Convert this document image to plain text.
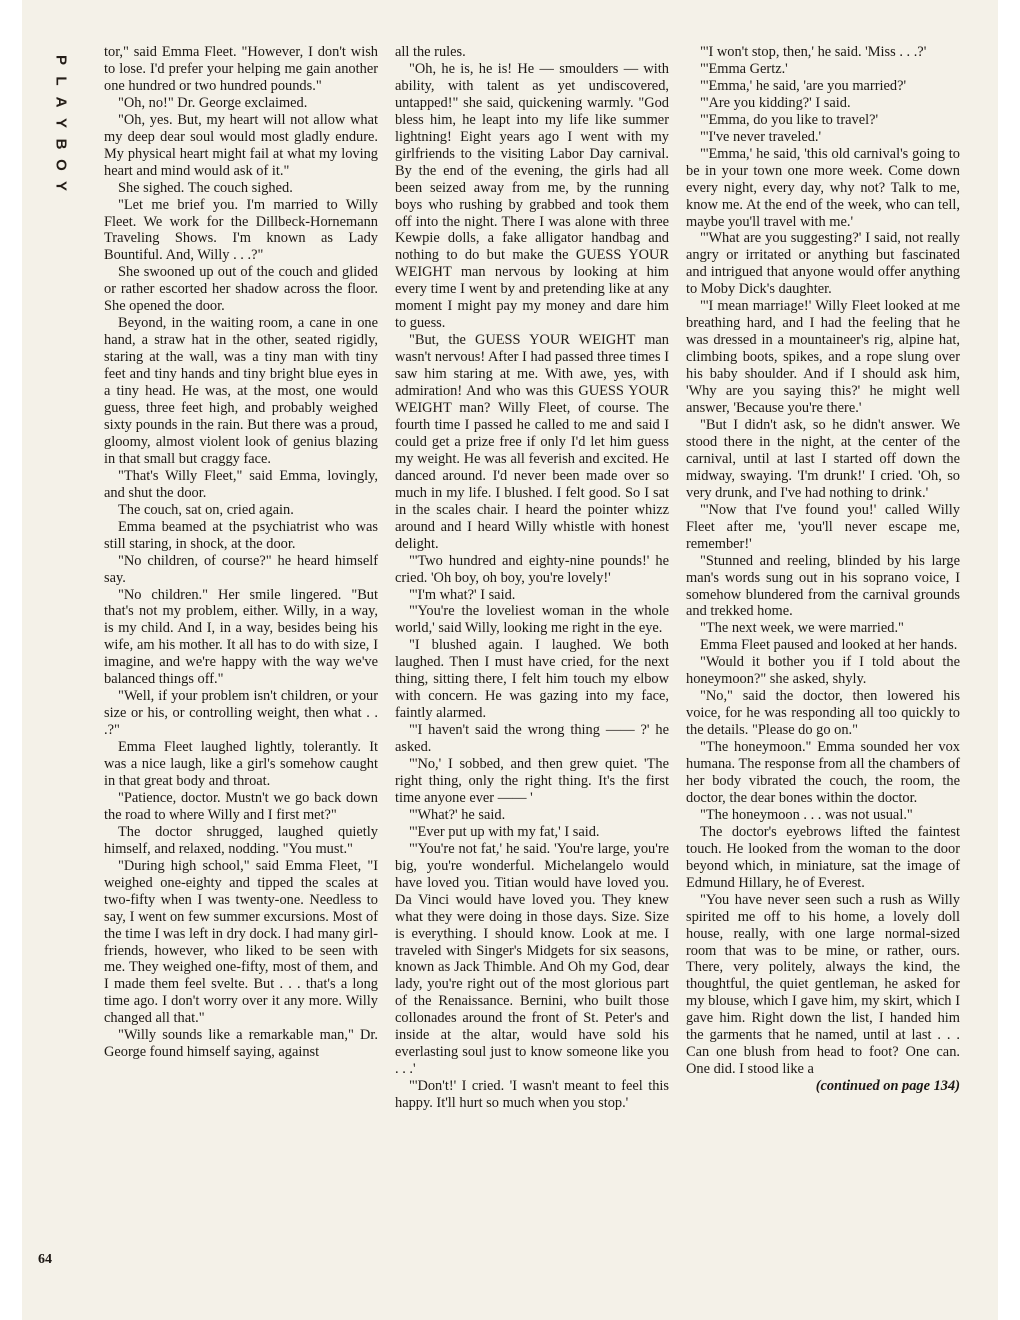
P
L
A
Y
B
O
Y

tor," said Emma Fleet. "However, I don't wish to lose. I'd prefer your helping me gain another one hundred or two hundred pounds."

"Oh, no!" Dr. George exclaimed.

"Oh, yes. But, my heart will not allow what my deep dear soul would most gladly endure. My physical heart might fail at what my loving heart and mind would ask of it."

She sighed. The couch sighed.

"Let me brief you. I'm married to Willy Fleet. We work for the Dillbeck-Hornemann Traveling Shows. I'm known as Lady Bountiful. And, Willy . . .?"

She swooned up out of the couch and glided or rather escorted her shadow across the floor. She opened the door.

Beyond, in the waiting room, a cane in one hand, a straw hat in the other, seated rigidly, staring at the wall, was a tiny man with tiny feet and tiny hands and tiny bright blue eyes in a tiny head. He was, at the most, one would guess, three feet high, and probably weighed sixty pounds in the rain. But there was a proud, gloomy, almost violent look of genius blazing in that small but craggy face.

"That's Willy Fleet," said Emma, lovingly, and shut the door.

The couch, sat on, cried again.

Emma beamed at the psychiatrist who was still staring, in shock, at the door.

"No children, of course?" he heard himself say.

"No children." Her smile lingered. "But that's not my problem, either. Willy, in a way, is my child. And I, in a way, besides being his wife, am his mother. It all has to do with size, I imagine, and we're happy with the way we've balanced things off."

"Well, if your problem isn't children, or your size or his, or controlling weight, then what . . .?"

Emma Fleet laughed lightly, tolerantly. It was a nice laugh, like a girl's somehow caught in that great body and throat.

"Patience, doctor. Mustn't we go back down the road to where Willy and I first met?"

The doctor shrugged, laughed quietly himself, and relaxed, nodding. "You must."

"During high school," said Emma Fleet, "I weighed one-eighty and tipped the scales at two-fifty when I was twenty-one. Needless to say, I went on few summer excursions. Most of the time I was left in dry dock. I had many girlfriends, however, who liked to be seen with me. They weighed one-fifty, most of them, and I made them feel svelte. But . . . that's a long time ago. I don't worry over it any more. Willy changed all that."

"Willy sounds like a remarkable man," Dr. George found himself saying, against

all the rules.

"Oh, he is, he is! He — smoulders — with ability, with talent as yet undiscovered, untapped!" she said, quickening warmly. "God bless him, he leapt into my life like summer lightning! Eight years ago I went with my girlfriends to the visiting Labor Day carnival. By the end of the evening, the girls had all been seized away from me, by the running boys who rushing by grabbed and took them off into the night. There I was alone with three Kewpie dolls, a fake alligator handbag and nothing to do but make the GUESS YOUR WEIGHT man nervous by looking at him every time I went by and pretending like at any moment I might pay my money and dare him to guess.

"But, the GUESS YOUR WEIGHT man wasn't nervous! After I had passed three times I saw him staring at me. With awe, yes, with admiration! And who was this GUESS YOUR WEIGHT man? Willy Fleet, of course. The fourth time I passed he called to me and said I could get a prize free if only I'd let him guess my weight. He was all feverish and excited. He danced around. I'd never been made over so much in my life. I blushed. I felt good. So I sat in the scales chair. I heard the pointer whizz around and I heard Willy whistle with honest delight.

"'Two hundred and eighty-nine pounds!' he cried. 'Oh boy, oh boy, you're lovely!'

"'I'm what?' I said.

"'You're the loveliest woman in the whole world,' said Willy, looking me right in the eye.

"I blushed again. I laughed. We both laughed. Then I must have cried, for the next thing, sitting there, I felt him touch my elbow with concern. He was gazing into my face, faintly alarmed.

"'I haven't said the wrong thing —— ?' he asked.

"'No,' I sobbed, and then grew quiet. 'The right thing, only the right thing. It's the first time anyone ever —— '

"'What?' he said.

"'Ever put up with my fat,' I said.

"'You're not fat,' he said. 'You're large, you're big, you're wonderful. Michelangelo would have loved you. Titian would have loved you. Da Vinci would have loved you. They knew what they were doing in those days. Size. Size is everything. I should know. Look at me. I traveled with Singer's Midgets for six seasons, known as Jack Thimble. And Oh my God, dear lady, you're right out of the most glorious part of the Renaissance. Bernini, who built those collonades around the front of St. Peter's and inside at the altar, would have sold his everlasting soul just to know someone like you . . .'

"'Don't!' I cried. 'I wasn't meant to feel this happy. It'll hurt so much when you stop.'

"'I won't stop, then,' he said. 'Miss . . .?'

"'Emma Gertz.'

"'Emma,' he said, 'are you married?'

"'Are you kidding?' I said.

"'Emma, do you like to travel?'

"'I've never traveled.'

"'Emma,' he said, 'this old carnival's going to be in your town one more week. Come down every night, every day, why not? Talk to me, know me. At the end of the week, who can tell, maybe you'll travel with me.'

"'What are you suggesting?' I said, not really angry or irritated or anything but fascinated and intrigued that anyone would offer anything to Moby Dick's daughter.

"'I mean marriage!' Willy Fleet looked at me breathing hard, and I had the feeling that he was dressed in a mountaineer's rig, alpine hat, climbing boots, spikes, and a rope slung over his baby shoulder. And if I should ask him, 'Why are you saying this?' he might well answer, 'Because you're there.'

"But I didn't ask, so he didn't answer. We stood there in the night, at the center of the carnival, until at last I started off down the midway, swaying. 'I'm drunk!' I cried. 'Oh, so very drunk, and I've had nothing to drink.'

"'Now that I've found you!' called Willy Fleet after me, 'you'll never escape me, remember!'

"Stunned and reeling, blinded by his large man's words sung out in his soprano voice, I somehow blundered from the carnival grounds and trekked home.

"The next week, we were married."

Emma Fleet paused and looked at her hands.

"Would it bother you if I told about the honeymoon?" she asked, shyly.

"No," said the doctor, then lowered his voice, for he was responding all too quickly to the details. "Please do go on."

"The honeymoon." Emma sounded her vox humana. The response from all the chambers of her body vibrated the couch, the room, the doctor, the dear bones within the doctor.

"The honeymoon . . . was not usual."

The doctor's eyebrows lifted the faintest touch. He looked from the woman to the door beyond which, in miniature, sat the image of Edmund Hillary, he of Everest.

"You have never seen such a rush as Willy spirited me off to his home, a lovely doll house, really, with one large normal-sized room that was to be mine, or rather, ours. There, very politely, always the kind, the thoughtful, the quiet gentleman, he asked for my blouse, which I gave him, my skirt, which I gave him. Right down the list, I handed him the garments that he named, until at last . . . Can one blush from head to foot? One can. One did. I stood like a

(continued on page 134)

64
